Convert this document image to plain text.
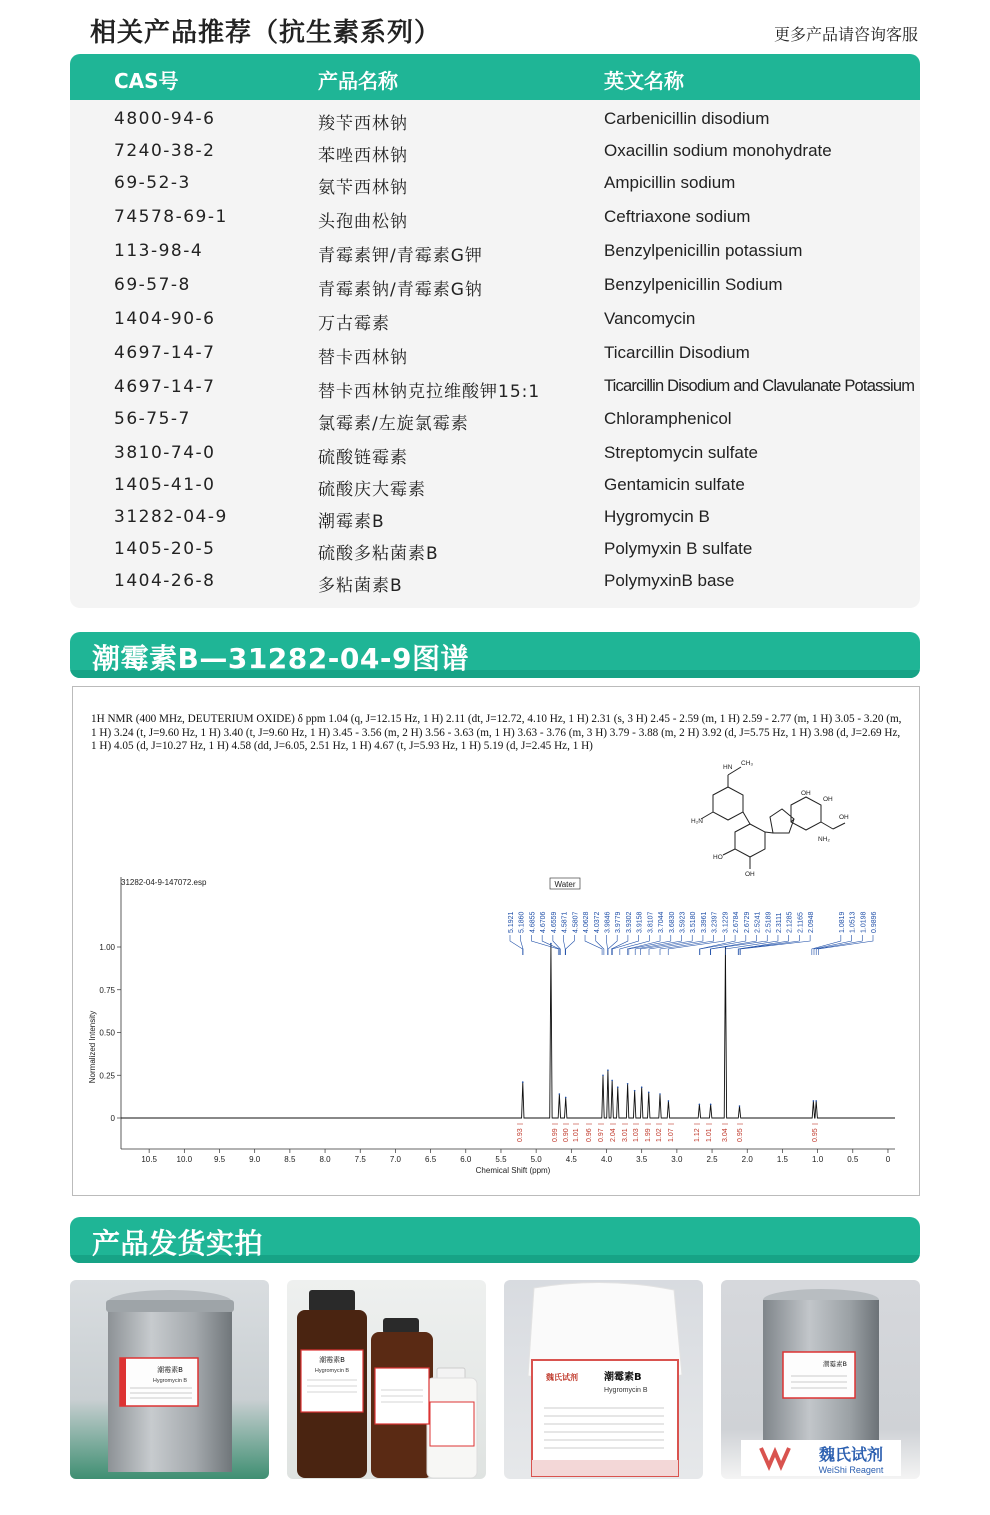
相关产品推荐（抗生素系列）	更多产品请咨询客服
CAS号	产品名称	英文名称
4800-94-6	羧苄西林钠	Carbenicillin disodium
7240-38-2	苯唑西林钠	Oxacillin sodium monohydrate
69-52-3	氨苄西林钠	Ampicillin sodium
74578-69-1	头孢曲松钠	Ceftriaxone sodium
113-98-4	青霉素钾/青霉素G钾	Benzylpenicillin potassium
69-57-8	青霉素钠/青霉素G钠	Benzylpenicillin Sodium
1404-90-6	万古霉素	Vancomycin
4697-14-7	替卡西林钠	Ticarcillin Disodium
4697-14-7	替卡西林钠克拉维酸钾15:1	Ticarcillin Disodium and Clavulanate Potassium
56-75-7	氯霉素/左旋氯霉素	Chloramphenicol
3810-74-0	硫酸链霉素	Streptomycin sulfate
1405-41-0	硫酸庆大霉素	Gentamicin sulfate
31282-04-9	潮霉素B	Hygromycin B
1405-20-5	硫酸多粘菌素B	Polymyxin B sulfate
1404-26-8	多粘菌素B	PolymyxinB base
潮霉素B—31282-04-9图谱
1H NMR (400 MHz, DEUTERIUM OXIDE) δ ppm 1.04 (q, J=12.15 Hz, 1 H) 2.11 (dt, J=12.72, 4.10 Hz, 1 H) 2.31 (s, 3 H) 2.45 - 2.59 (m, 1 H) 2.59 - 2.77 (m, 1 H) 3.05 - 3.20 (m, 1 H) 3.24 (t, J=9.60 Hz, 1 H) 3.40 (t, J=9.60 Hz, 1 H) 3.45 - 3.56 (m, 2 H) 3.56 - 3.63 (m, 1 H) 3.63 - 3.76 (m, 3 H) 3.79 - 3.88 (m, 2 H) 3.92 (d, J=5.75 Hz, 1 H) 3.98 (d, J=2.69 Hz, 1 H) 4.05 (d, J=10.27 Hz, 1 H) 4.58 (dd, J=6.05, 2.51 Hz, 1 H) 4.67 (t, J=5.93 Hz, 1 H) 5.19 (d, J=2.45 Hz, 1 H)
HN
CH₃
H₂N
HO
OH
NH₂
OH
OH
OH
31282-04-9-147072.esp
Normalized Intensity
Chemical Shift (ppm)
Water
10.5 10.0	9.5	9.0	8.5	8.0	7.5	7.0	6.5	6.0	5.5	5.0	4.5	4.0	3.5	3.0	2.5	2.0	1.5	1.0	0.5	0
0
0.25
0.50
0.75
1.00
5.1921 5.1860 4.6855 4.6706 4.6559 4.5871 4.5807 4.0628 4.0372 3.9846 3.9779 3.9302 3.9158 3.8107 3.7044 3.6830 3.5923 3.5180 3.3961 3.2397 3.1229 2.6784 2.6729 2.5241 2.5189 2.3111 2.1285 2.1165 2.0948	1.0819 1.0513 1.0198 0.9896
0.93	0.99 0.90 1.01 0.96 0.97 2.04 3.01 1.03 1.99 1.02 1.07	1.12 1.01 3.04 0.95	0.95
产品发货实拍
潮霉素B
Hygromycin B
潮霉素B
Hygromycin B
魏氏试剂	潮霉素B
Hygromycin B
潮霉素B
魏氏试剂
WeiShi Reagent
